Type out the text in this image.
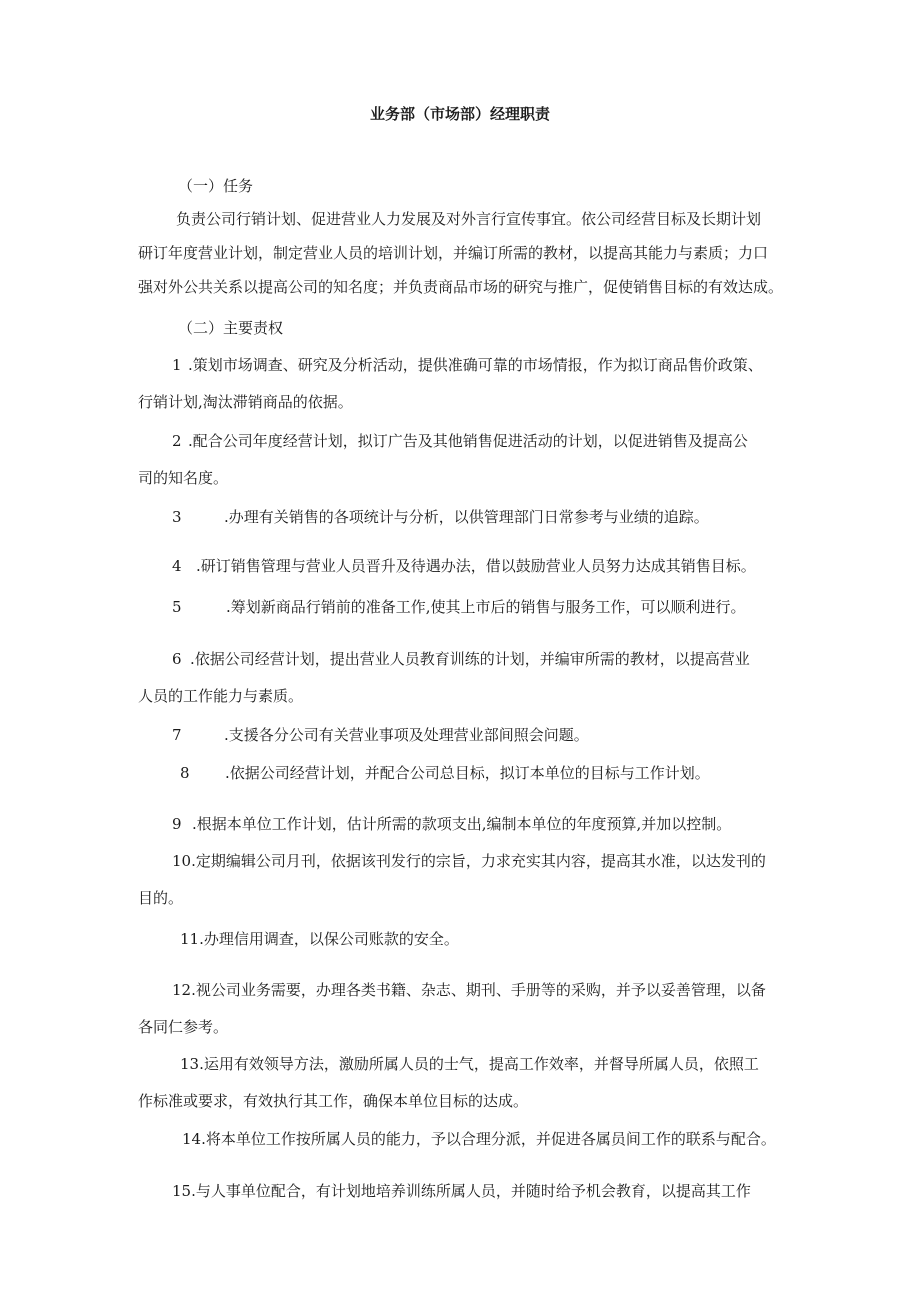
业务部（市场部）经理职责
（一）任务
负责公司行销计划、促进营业人力发展及对外言行宣传事宜。依公司经营目标及长期计划
研订年度营业计划，制定营业人员的培训计划，并编订所需的教材，以提高其能力与素质；力口
强对外公共关系以提高公司的知名度；并负责商品市场的研究与推广，促使销售目标的有效达成。
（二）主要责权
1 .策划市场调查、研究及分析活动，提供准确可靠的市场情报，作为拟订商品售价政策、
行销计划,淘汰滞销商品的依据。
2 .配合公司年度经营计划，拟订广告及其他销售促进活动的计划，以促进销售及提高公
司的知名度。
3	.办理有关销售的各项统计与分析，以供管理部门日常参考与业绩的追踪。
4 .研订销售管理与营业人员晋升及待遇办法，借以鼓励营业人员努力达成其销售目标。
5	.筹划新商品行销前的准备工作,使其上市后的销售与服务工作，可以顺利进行。
6 .依据公司经营计划，提出营业人员教育训练的计划，并编审所需的教材，以提高营业
人员的工作能力与素质。
7	.支援各分公司有关营业事项及处理营业部间照会问题。
8 .依据公司经营计划，并配合公司总目标，拟订本单位的目标与工作计划。
9 .根据本单位工作计划，估计所需的款项支出,编制本单位的年度预算,并加以控制。
10.定期编辑公司月刊，依据该刊发行的宗旨，力求充实其内容，提高其水准，以达发刊的
目的。
11.办理信用调查，以保公司账款的安全。
12.视公司业务需要，办理各类书籍、杂志、期刊、手册等的采购，并予以妥善管理，以备
各同仁参考。
13.运用有效领导方法，激励所属人员的士气，提高工作效率，并督导所属人员，依照工
作标准或要求，有效执行其工作，确保本单位目标的达成。
14.将本单位工作按所属人员的能力，予以合理分派，并促进各属员间工作的联系与配合。
15.与人事单位配合，有计划地培养训练所属人员，并随时给予机会教育，以提高其工作
